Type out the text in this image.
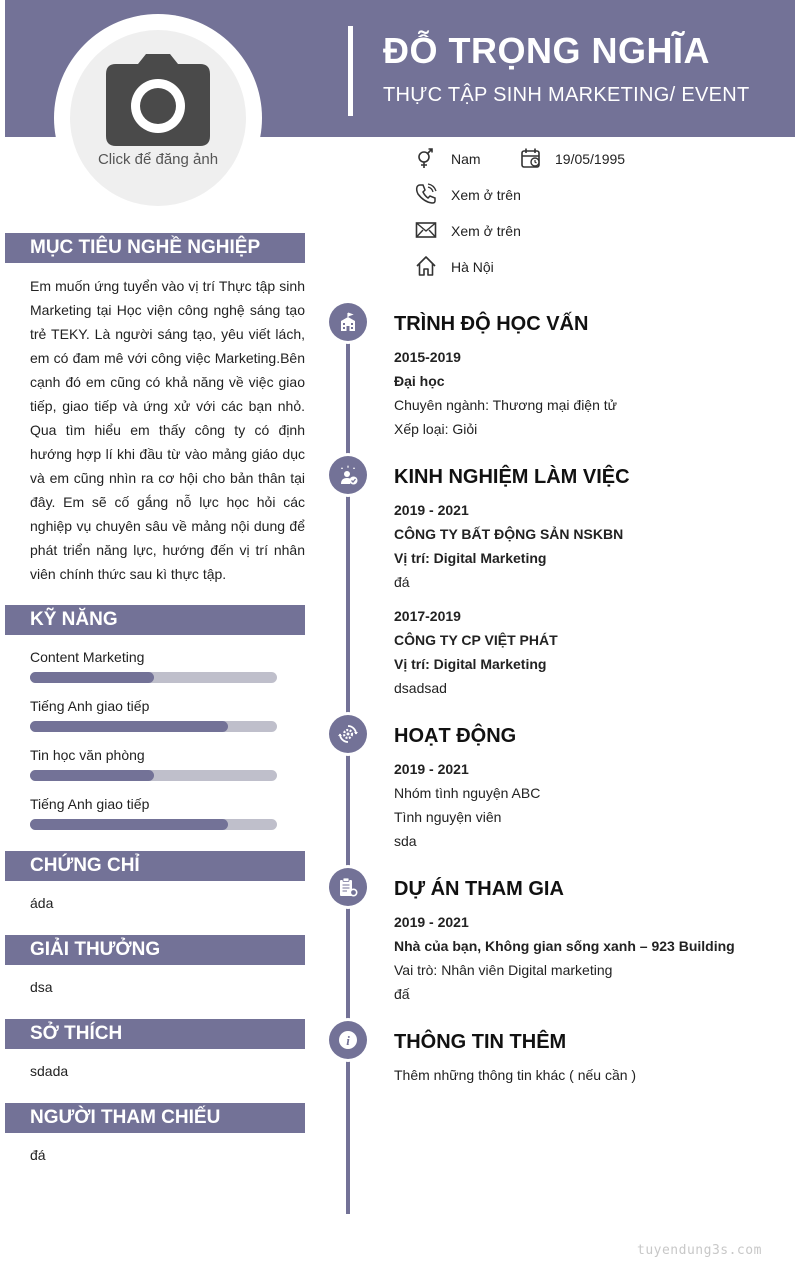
ĐỖ TRỌNG NGHĨA
THỰC TẬP SINH MARKETING/ EVENT
Click để đăng ảnh	Nam	19/05/1995
Xem ở trên
Xem ở trên
Hà Nội
MỤC TIÊU NGHỀ NGHIỆP
Em muốn ứng tuyển vào vị trí Thực tập sinh Marketing tại Học viện công nghệ sáng tạo trẻ TEKY. Là người sáng tạo, yêu viết lách, em có đam mê với công việc Marketing.Bên cạnh đó em cũng có khả năng về việc giao tiếp, giao tiếp và ứng xử với các bạn nhỏ. Qua tìm hiểu em thấy công ty có định hướng hợp lí khi đầu từ vào mảng giáo dục và em cũng nhìn ra cơ hội cho bản thân tại đây. Em sẽ cố gắng nỗ lực học hỏi các nghiệp vụ chuyên sâu về mảng nội dung để phát triển năng lực, hướng đến vị trí nhân viên chính thức sau kì thực tập.
KỸ NĂNG
Content Marketing
Tiếng Anh giao tiếp
Tin học văn phòng
Tiếng Anh giao tiếp
CHỨNG CHỈ
áda
GIẢI THƯỞNG
dsa
SỞ THÍCH
sdada
NGƯỜI THAM CHIẾU
đá
TRÌNH ĐỘ HỌC VẤN
2015-2019
Đại học
Chuyên ngành: Thương mại điện tử
Xếp loại: Giỏi
KINH NGHIỆM LÀM VIỆC
2019 - 2021
CÔNG TY BẤT ĐỘNG SẢN NSKBN
Vị trí: Digital Marketing
đá
2017-2019
CÔNG TY CP VIỆT PHÁT
Vị trí: Digital Marketing
dsadsad
HOẠT ĐỘNG
2019 - 2021
Nhóm tình nguyện ABC
Tình nguyện viên
sda
DỰ ÁN THAM GIA
2019 - 2021
Nhà của bạn, Không gian sống xanh – 923 Building
Vai trò: Nhân viên Digital marketing
đấ
i THÔNG TIN THÊM
Thêm những thông tin khác ( nếu cần )
tuyendung3s.com
